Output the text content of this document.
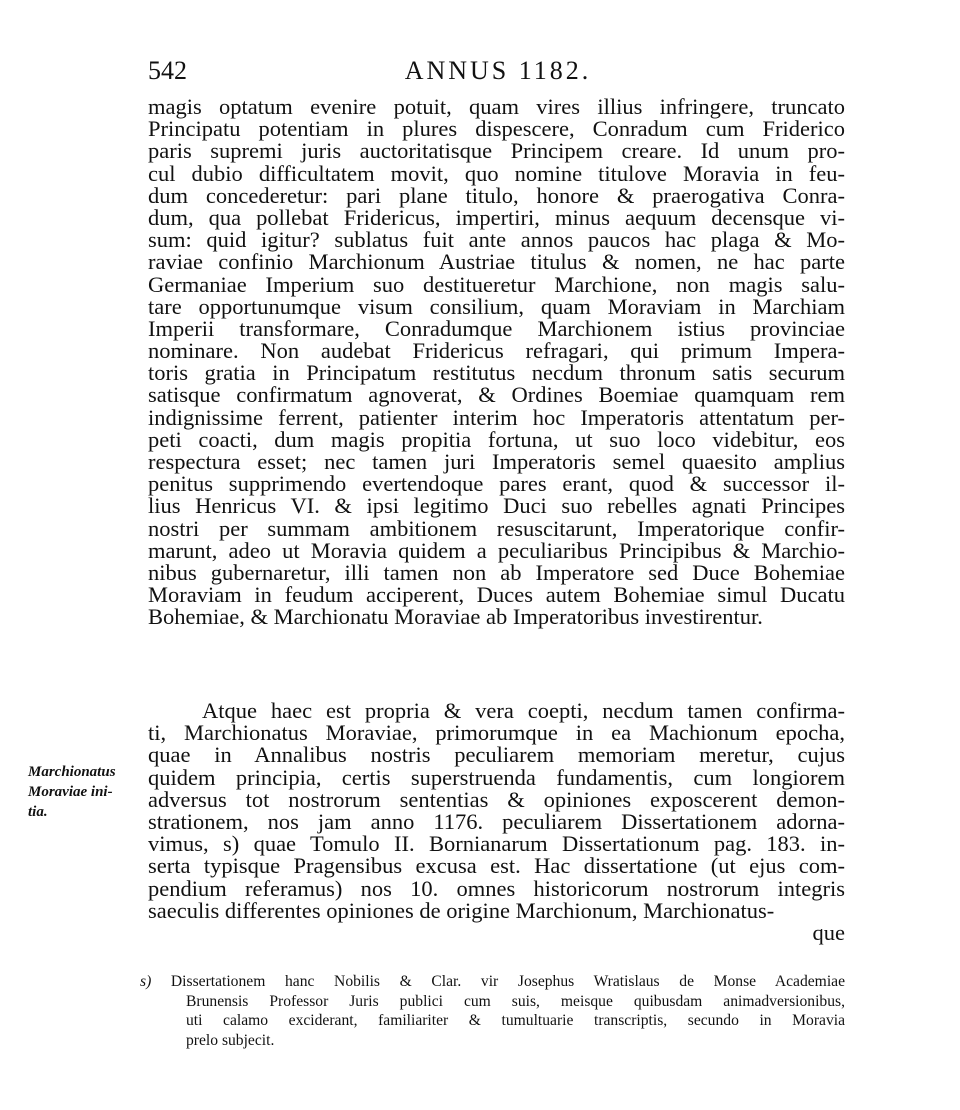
542	ANNUS 1182.
magis optatum evenire potuit, quam vires illius infringere, truncato
Principatu potentiam in plures dispescere, Conradum cum Friderico
paris supremi juris auctoritatisque Principem creare. Id unum pro-
cul dubio difficultatem movit, quo nomine titulove Moravia in feu-
dum concederetur: pari plane titulo, honore & praerogativa Conra-
dum, qua pollebat Fridericus, impertiri, minus aequum decensque vi-
sum: quid igitur? sublatus fuit ante annos paucos hac plaga & Mo-
raviae confinio Marchionum Austriae titulus & nomen, ne hac parte
Germaniae Imperium suo destitueretur Marchione, non magis salu-
tare opportunumque visum consilium, quam Moraviam in Marchiam
Imperii transformare, Conradumque Marchionem istius provinciae
nominare. Non audebat Fridericus refragari, qui primum Impera-
toris gratia in Principatum restitutus necdum thronum satis securum
satisque confirmatum agnoverat, & Ordines Boemiae quamquam rem
indignissime ferrent, patienter interim hoc Imperatoris attentatum per-
peti coacti, dum magis propitia fortuna, ut suo loco videbitur, eos
respectura esset; nec tamen juri Imperatoris semel quaesito amplius
penitus supprimendo evertendoque pares erant, quod & successor il-
lius Henricus VI. & ipsi legitimo Duci suo rebelles agnati Principes
nostri per summam ambitionem resuscitarunt, Imperatorique confir-
marunt, adeo ut Moravia quidem a peculiaribus Principibus & Marchio-
nibus gubernaretur, illi tamen non ab Imperatore sed Duce Bohemiae
Moraviam in feudum acciperent, Duces autem Bohemiae simul Ducatu
Bohemiae, & Marchionatu Moraviae ab Imperatoribus investirentur.
Atque haec est propria & vera coepti, necdum tamen confirma-
ti, Marchionatus Moraviae, primorumque in ea Machionum epocha,
quae in Annalibus nostris peculiarem memoriam meretur, cujus
quidem principia, certis superstruenda fundamentis, cum longiorem
adversus tot nostrorum sententias & opiniones exposcerent demon-
strationem, nos jam anno 1176. peculiarem Dissertationem adorna-
vimus, s) quae Tomulo II. Bornianarum Dissertationum pag. 183. in-
serta typisque Pragensibus excusa est. Hac dissertatione (ut ejus com-
pendium referamus) nos 10. omnes historicorum nostrorum integris
saeculis differentes opiniones de origine Marchionum, Marchionatus-
que
Marchionatus
Moraviae ini-
tia.
s) Dissertationem hanc Nobilis & Clar. vir Josephus Wratislaus de Monse Academiae
Brunensis Professor Juris publici cum suis, meisque quibusdam animadversionibus,
uti calamo exciderant, familiariter & tumultuarie transcriptis, secundo in Moravia
prelo subjecit.
